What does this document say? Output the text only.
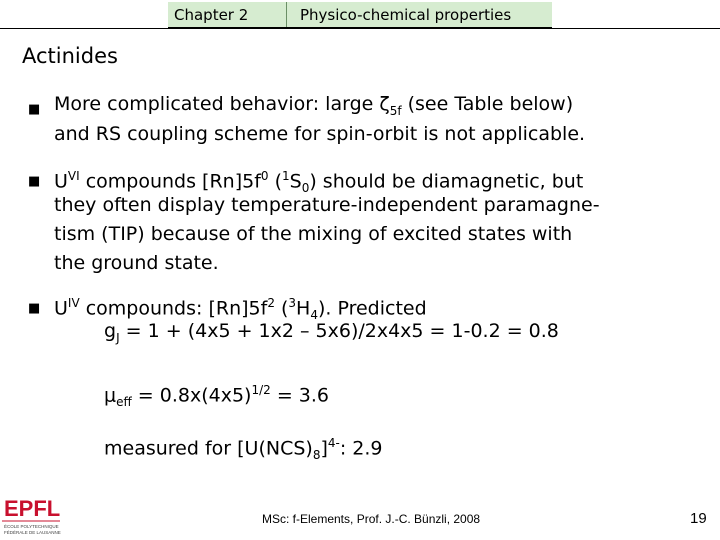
Chapter 2	Physico-chemical properties
Actinides
■ More complicated behavior: large $\zeta_{5f}$ (see Table below)
and RS coupling scheme for spin-orbit is not applicable.
■ $U^{VI}$ compounds $[Rn]5f^0$ $(^1S_0)$ should be diamagnetic, but
they often display temperature-independent paramagne-
tism (TIP) because of the mixing of excited states with
the ground state.
■ $U^{IV}$ compounds: $[Rn]5f^2$ $(^3H_4)$. Predicted
$g_J = 1 + (4x5 + 1x2 - 5x6)/2x4x5 = 1-0.2 = 0.8$
$\mu_{eff} = 0.8x(4x5)^{1/2} = 3.6$
measured for $[U(NCS)_8]^{4-}$: 2.9
EPFL
ÉCOLE POLYTECHNIQUE
FÉDÉRALE DE LAUSANNE
MSc: f-Elements, Prof. J.-C. Bünzli, 2008	19
